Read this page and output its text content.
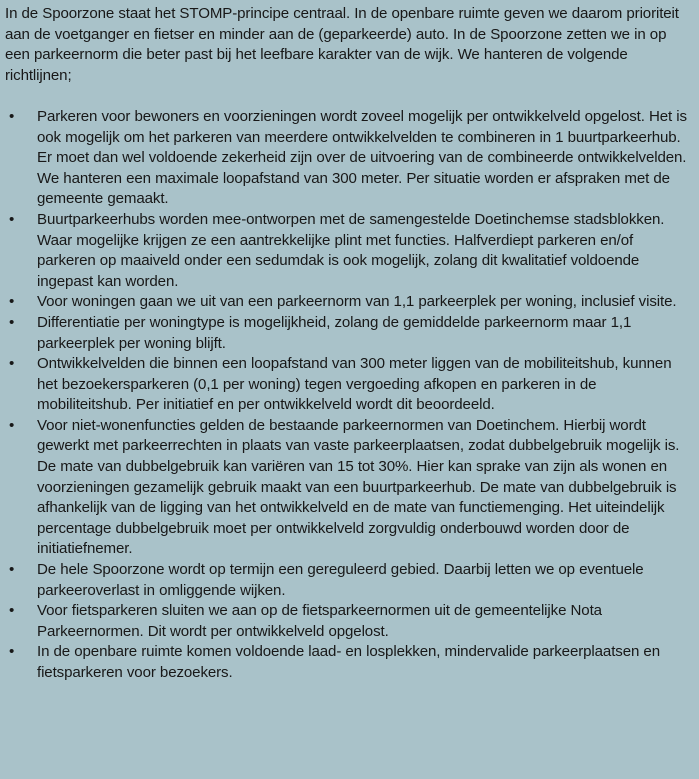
In de Spoorzone staat het STOMP-principe centraal. In de openbare ruimte geven we daarom prioriteit aan de voetganger en fietser en minder aan de (geparkeerde) auto. In de Spoorzone zetten we in op een parkeernorm die beter past bij het leefbare karakter van de wijk. We hanteren de volgende richtlijnen;

•	Parkeren voor bewoners en voorzieningen wordt zoveel mogelijk per ontwikkelveld opgelost. Het is ook mogelijk om het parkeren van meerdere ontwikkelvelden te combineren in 1 buurtparkeerhub. Er moet dan wel voldoende zekerheid zijn over de uitvoering van de combineerde ontwikkelvelden. We hanteren een maximale loopafstand van 300 meter. Per situatie worden er afspraken met de gemeente gemaakt.
•	Buurtparkeerhubs worden mee-ontworpen met de samengestelde Doetinchemse stadsblokken. Waar mogelijke krijgen ze een aantrekkelijke plint met functies. Halfverdiept parkeren en/of parkeren op maaiveld onder een sedumdak is ook mogelijk, zolang dit kwalitatief voldoende ingepast kan worden.
•	Voor woningen gaan we uit van een parkeernorm van 1,1 parkeerplek per woning, inclusief visite.
•	Differentiatie per woningtype is mogelijkheid, zolang de gemiddelde parkeernorm maar 1,1 parkeerplek per woning blijft.
•	Ontwikkelvelden die binnen een loopafstand van 300 meter liggen van de mobiliteitshub, kunnen het bezoekersparkeren (0,1 per woning) tegen vergoeding afkopen en parkeren in de mobiliteitshub. Per initiatief en per ontwikkelveld wordt dit beoordeeld.
•	Voor niet-wonenfuncties gelden de bestaande parkeernormen van Doetinchem. Hierbij wordt gewerkt met parkeerrechten in plaats van vaste parkeerplaatsen, zodat dubbelgebruik mogelijk is. De mate van dubbelgebruik kan variëren van 15 tot 30%. Hier kan sprake van zijn als wonen en voorzieningen gezamelijk gebruik maakt van een buurtparkeerhub. De mate van dubbelgebruik is afhankelijk van de ligging van het ontwikkelveld en de mate van functiemenging. Het uiteindelijk percentage dubbelgebruik moet per ontwikkelveld zorgvuldig onderbouwd worden door de initiatiefnemer.
•	De hele Spoorzone wordt op termijn een gereguleerd gebied. Daarbij letten we op eventuele parkeeroverlast in omliggende wijken.
•	Voor fietsparkeren sluiten we aan op de fietsparkeernormen uit de gemeentelijke Nota Parkeernormen. Dit wordt per ontwikkelveld opgelost.
•	In de openbare ruimte komen voldoende laad- en losplekken, mindervalide parkeerplaatsen en fietsparkeren voor bezoekers.
